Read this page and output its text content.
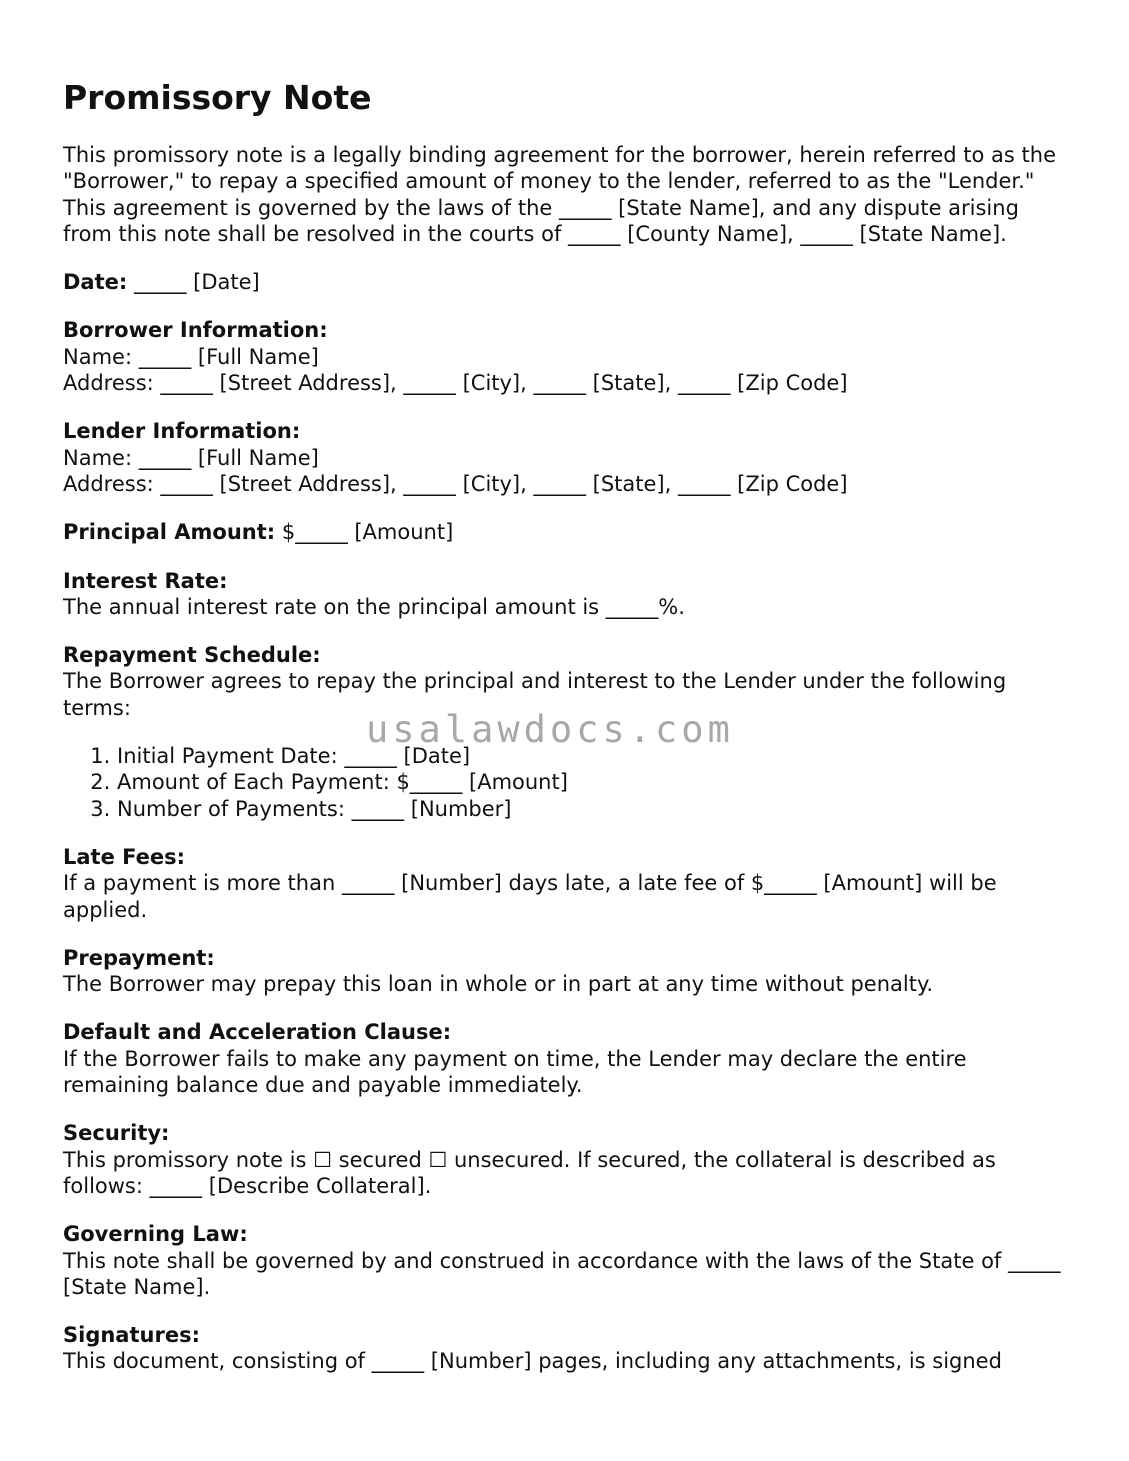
Promissory Note

This promissory note is a legally binding agreement for the borrower, herein referred to as the "Borrower," to repay a specified amount of money to the lender, referred to as the "Lender." This agreement is governed by the laws of the _____ [State Name], and any dispute arising from this note shall be resolved in the courts of _____ [County Name], _____ [State Name].

Date: _____ [Date]

Borrower Information:
Name: _____ [Full Name]
Address: _____ [Street Address], _____ [City], _____ [State], _____ [Zip Code]
Lender Information:
Name: _____ [Full Name]
Address: _____ [Street Address], _____ [City], _____ [State], _____ [Zip Code]

Principal Amount: $_____ [Amount]

Interest Rate:
The annual interest rate on the principal amount is _____%.
Repayment Schedule:
The Borrower agrees to repay the principal and interest to the Lender under the following terms:
1. Initial Payment Date: _____ [Date]
2. Amount of Each Payment: $_____ [Amount]
3. Number of Payments: _____ [Number]
Late Fees:
If a payment is more than _____ [Number] days late, a late fee of $_____ [Amount] will be applied.
Prepayment:
The Borrower may prepay this loan in whole or in part at any time without penalty.
Default and Acceleration Clause:
If the Borrower fails to make any payment on time, the Lender may declare the entire remaining balance due and payable immediately.
Security:
This promissory note is ☐ secured ☐ unsecured. If secured, the collateral is described as follows: _____ [Describe Collateral].
Governing Law:
This note shall be governed by and construed in accordance with the laws of the State of _____ [State Name].
Signatures:
This document, consisting of _____ [Number] pages, including any attachments, is signed
usalawdocs.com
